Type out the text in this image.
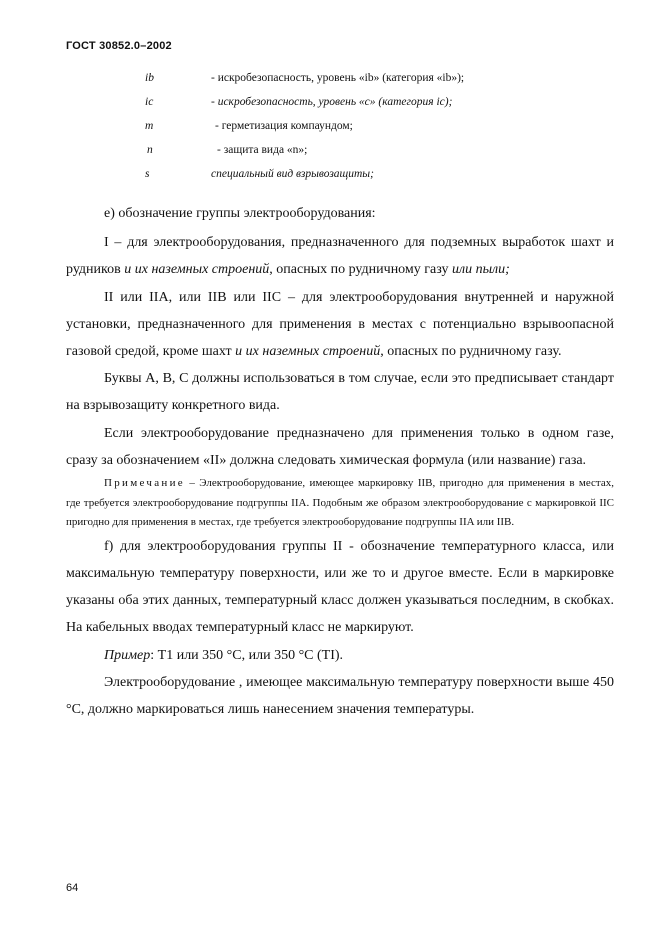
ГОСТ 30852.0–2002
ib	- искробезопасность, уровень «ib» (категория «ib»);
ic	- искробезопасность, уровень «с» (категория ic);
m	- герметизация компаундом;
n	- защита вида «n»;
s	специальный вид взрывозащиты;

е) обозначение группы электрооборудования:

I – для электрооборудования, предназначенного для подземных выработок шахт и рудников и их наземных строений, опасных по рудничному газу или пыли;

II или IIA, или IIB или IIC – для электрооборудования внутренней и наружной установки, предназначенного для применения в местах с потенциально взрывоопасной газовой средой, кроме шахт и их наземных строений, опасных по рудничному газу.

Буквы А, В, С должны использоваться в том случае, если это предписывает стандарт на взрывозащиту конкретного вида.

Если электрооборудование предназначено для применения только в одном газе, сразу за обозначением «II» должна следовать химическая формула (или название) газа.

Примечание – Электрооборудование, имеющее маркировку IIB, пригодно для применения в местах, где требуется электрооборудование подгруппы IIA. Подобным же образом электрооборудование с маркировкой IIC пригодно для применения в местах, где требуется электрооборудование подгруппы IIA или IIB.

f) для электрооборудования группы II - обозначение температурного класса, или максимальную температуру поверхности, или же то и другое вместе. Если в маркировке указаны оба этих данных, температурный класс должен указываться последним, в скобках. На кабельных вводах температурный класс не маркируют.

Пример: Т1 или 350 °С, или 350 °С (TI).

Электрооборудование , имеющее максимальную температуру поверхности выше 450 °С, должно маркироваться лишь нанесением значения температуры.

64
